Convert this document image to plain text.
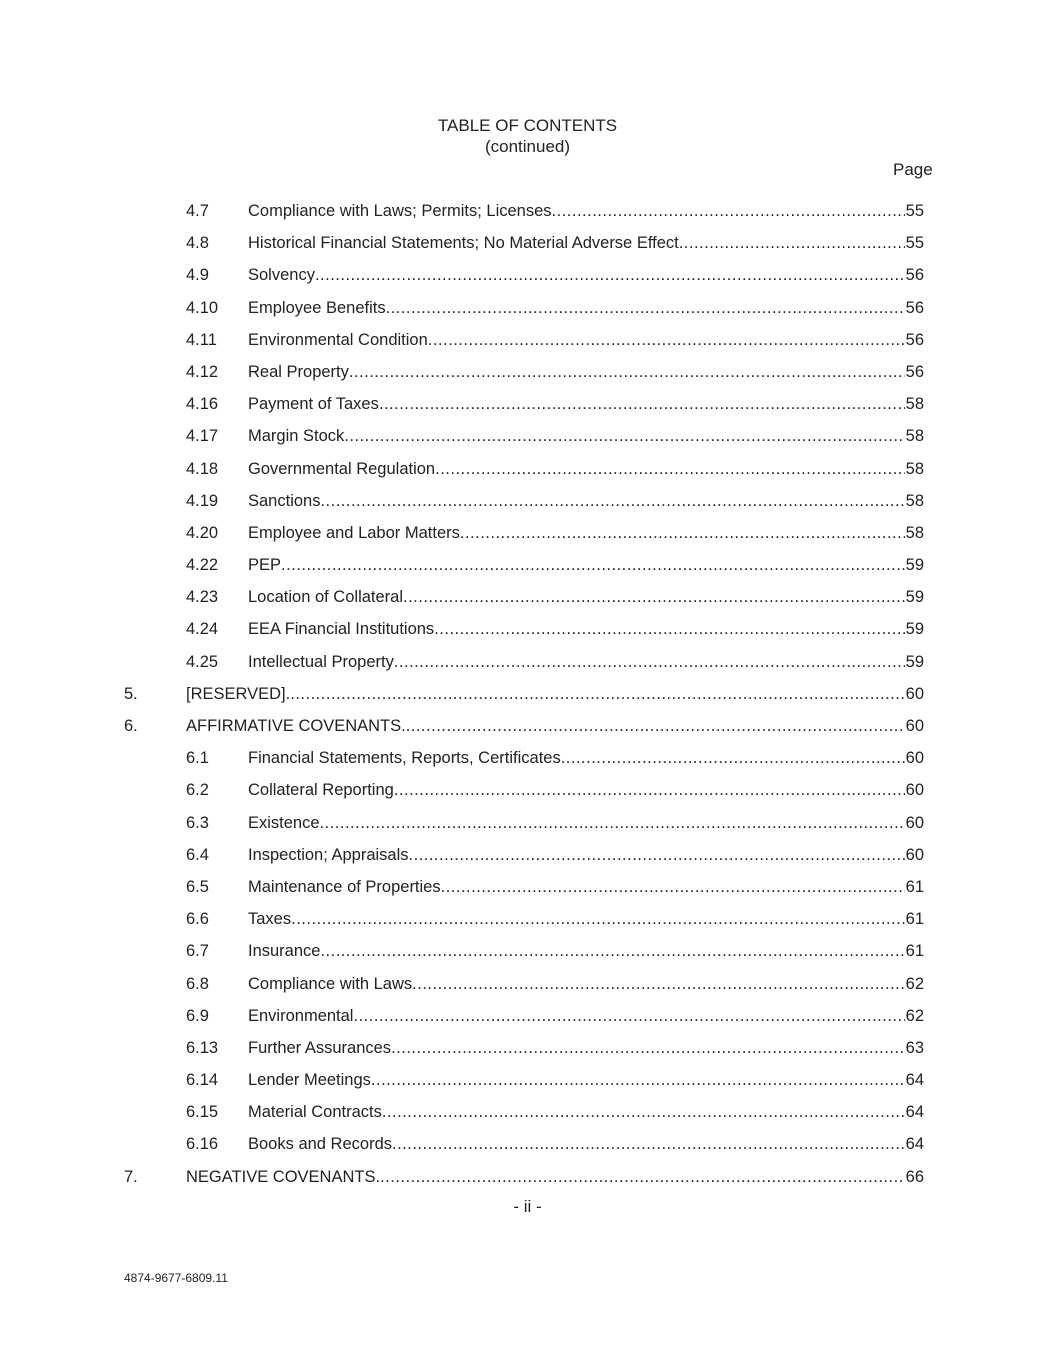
TABLE OF CONTENTS
(continued)
Page
4.7 Compliance with Laws; Permits; Licenses .....	55
4.8 Historical Financial Statements; No Material Adverse Effect .....	55
4.9 Solvency .....	56
4.10 Employee Benefits .....	56
4.11 Environmental Condition .....	56
4.12 Real Property .....	56
4.16 Payment of Taxes .....	58
4.17 Margin Stock .....	58
4.18 Governmental Regulation .....	58
4.19 Sanctions .....	58
4.20 Employee and Labor Matters .....	58
4.22 PEP .....	59
4.23 Location of Collateral .....	59
4.24 EEA Financial Institutions .....	59
4.25 Intellectual Property .....	59
5.	[RESERVED]. .....	60
6.	AFFIRMATIVE COVENANTS. .....	60
6.1 Financial Statements, Reports, Certificates .....	60
6.2 Collateral Reporting .....	60
6.3 Existence .....	60
6.4 Inspection; Appraisals .....	60
6.5 Maintenance of Properties .....	61
6.6 Taxes .....	61
6.7 Insurance .....	61
6.8 Compliance with Laws .....	62
6.9 Environmental .....	62
6.13 Further Assurances .....	63
6.14 Lender Meetings .....	64
6.15 Material Contracts .....	64
6.16 Books and Records .....	64
7.	NEGATIVE COVENANTS. .....	66
- ii -
4874-9677-6809.11
